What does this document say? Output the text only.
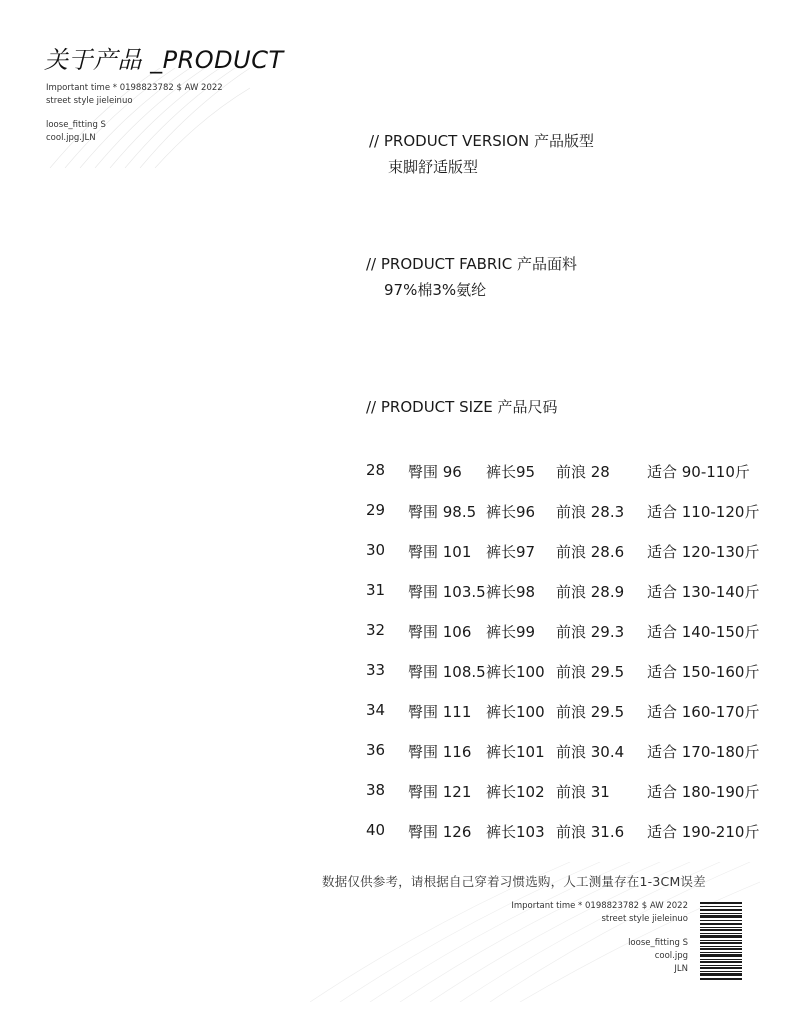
关于产品 _PRODUCT
Important time * 0198823782 $ AW 2022
street style jieleinuo
loose_fitting S
cool.jpg.JLN	// PRODUCT VERSION 产品版型
束脚舒适版型
// PRODUCT FABRIC 产品面料
97%棉3%氨纶
// PRODUCT SIZE 产品尺码
28 臀围 96 裤长95 前浪 28 适合 90-110斤
29 臀围 98.5 裤长96 前浪 28.3 适合 110-120斤
30 臀围 101 裤长97 前浪 28.6 适合 120-130斤
31 臀围 103.5 裤长98 前浪 28.9 适合 130-140斤
32 臀围 106 裤长99 前浪 29.3 适合 140-150斤
33 臀围 108.5 裤长100 前浪 29.5 适合 150-160斤
34 臀围 111 裤长100 前浪 29.5 适合 160-170斤
36 臀围 116 裤长101 前浪 30.4 适合 170-180斤
38 臀围 121 裤长102 前浪 31 适合 180-190斤
40 臀围 126 裤长103 前浪 31.6 适合 190-210斤
数据仅供参考，请根据自己穿着习惯选购，人工测量存在1-3CM误差
Important time * 0198823782 $ AW 2022
street style jieleinuo
loose_fitting S
cool.jpg
JLN
